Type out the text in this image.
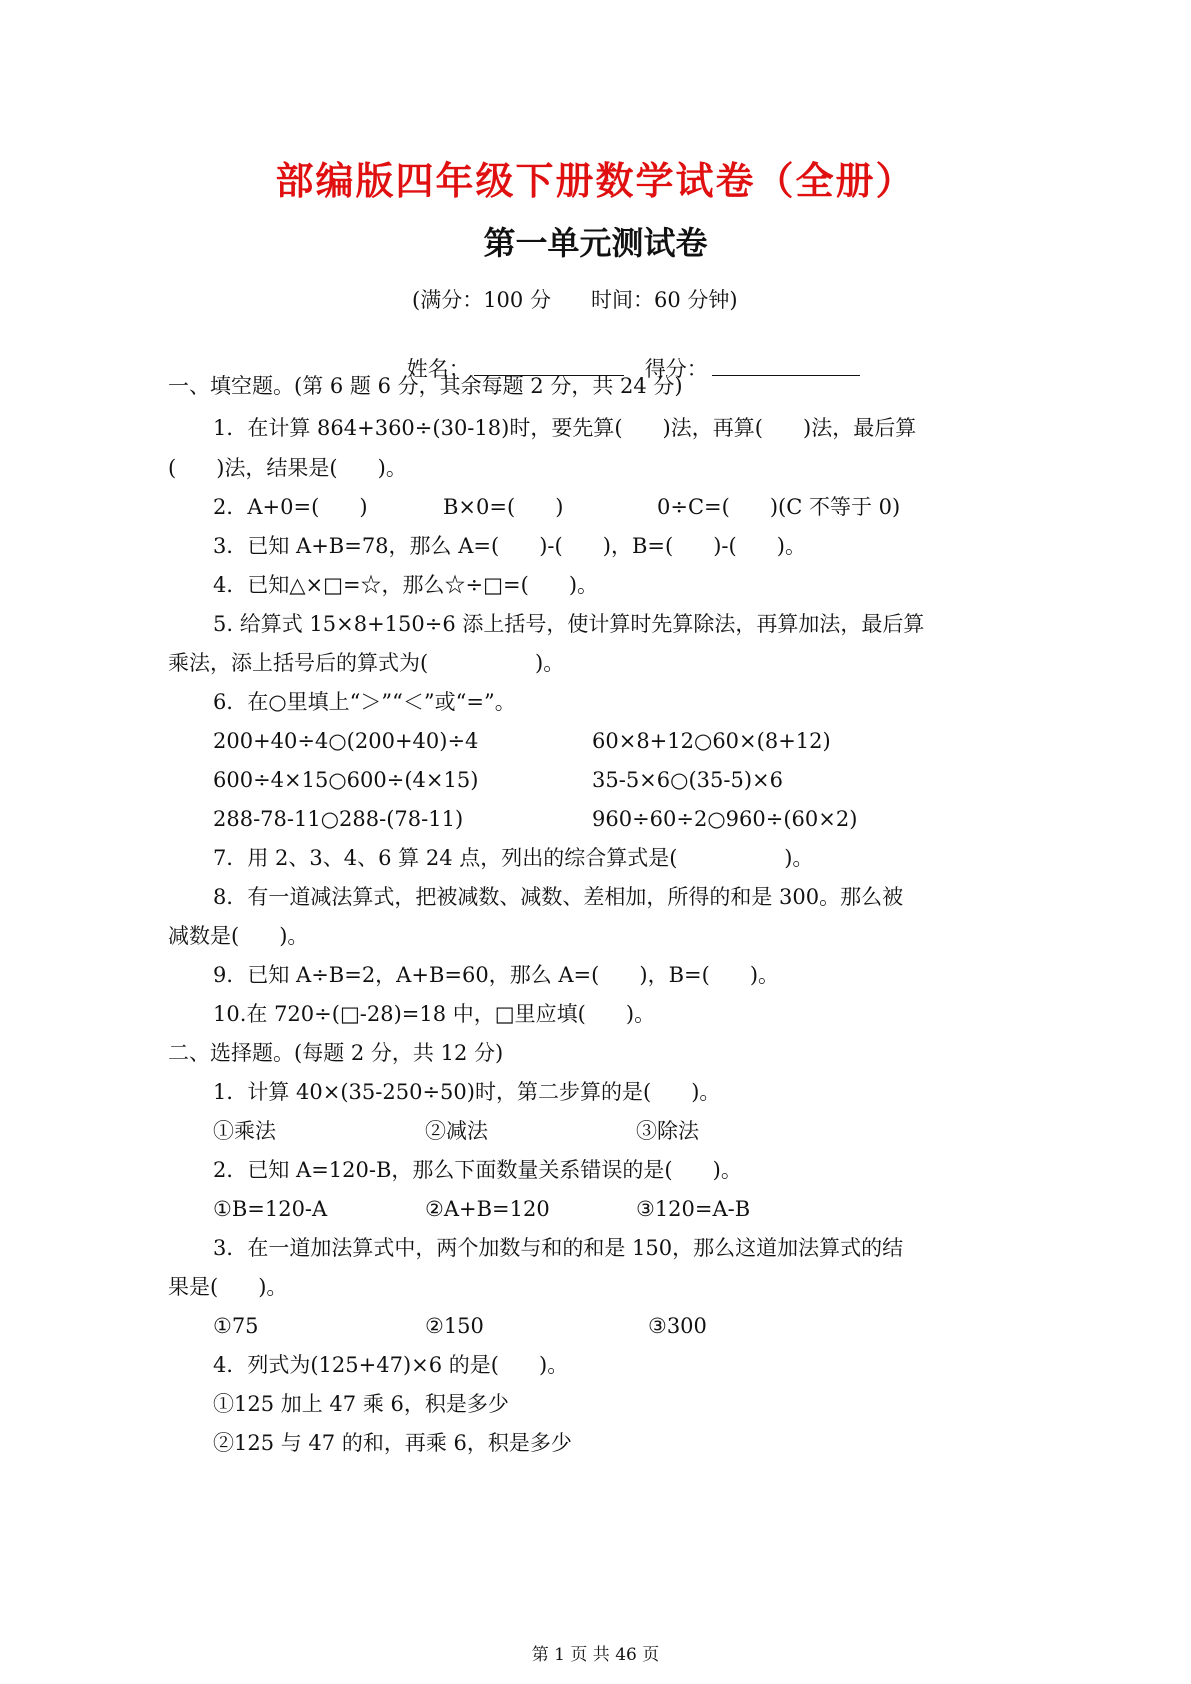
部编版四年级下册数学试卷（全册）
第一单元测试卷
(满分：100 分      时间：60 分钟)

姓名：
	得分：

一、填空题。(第 6 题 6 分，其余每题 2 分，共 24 分)
1．在计算 864+360÷(30-18)时，要先算(      )法，再算(      )法，最后算
(      )法，结果是(      )。
2．A+0=(      )	B×0=(      )	0÷C=(      )(C 不等于 0)
3．已知 A+B=78，那么 A=(      )-(      )，B=(      )-(      )。
4．已知△×□=☆，那么☆÷□=(      )。
5. 给算式 15×8+150÷6 添上括号，使计算时先算除法，再算加法，最后算
乘法，添上括号后的算式为(                )。
6．在○里填上“＞”“＜”或“=”。
200+40÷4○(200+40)÷4	60×8+12○60×(8+12)
600÷4×15○600÷(4×15)	35-5×6○(35-5)×6
288-78-11○288-(78-11)	960÷60÷2○960÷(60×2)
7．用 2、3、4、6 算 24 点，列出的综合算式是(                )。
8．有一道减法算式，把被减数、减数、差相加，所得的和是 300。那么被
减数是(      )。
9．已知 A÷B=2，A+B=60，那么 A=(      )，B=(      )。
10.在 720÷(□-28)=18 中，□里应填(      )。
二、选择题。(每题 2 分，共 12 分)
1．计算 40×(35-250÷50)时，第二步算的是(      )。
①乘法	②减法	③除法
2．已知 A=120-B，那么下面数量关系错误的是(      )。
①B=120-A	②A+B=120	③120=A-B
3．在一道加法算式中，两个加数与和的和是 150，那么这道加法算式的结
果是(      )。
①75	②150	③300
4．列式为(125+47)×6 的是(      )。
①125 加上 47 乘 6，积是多少
②125 与 47 的和，再乘 6，积是多少
第 1 页 共 46 页
